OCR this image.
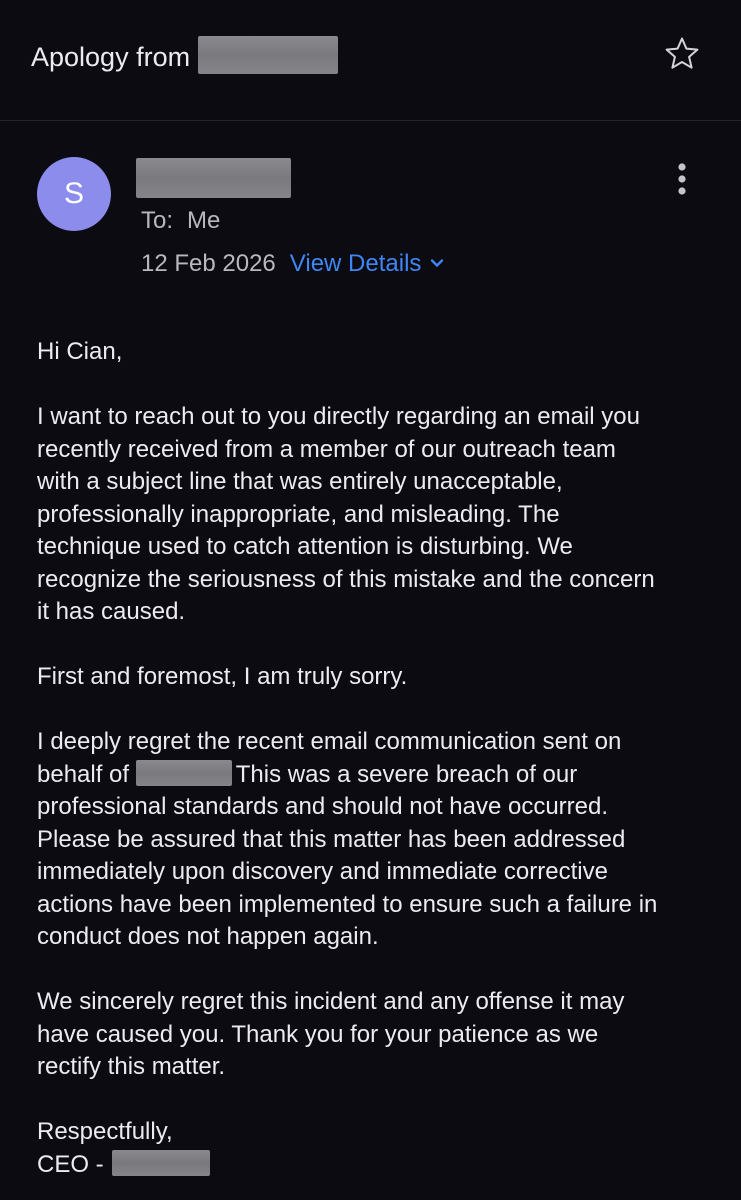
Apology from
S
To: Me
12 Feb 2026 View Details

Hi Cian,

I want to reach out to you directly regarding an email you
recently received from a member of our outreach team
with a subject line that was entirely unacceptable,
professionally inappropriate, and misleading. The
technique used to catch attention is disturbing. We
recognize the seriousness of this mistake and the concern
it has caused.

First and foremost, I am truly sorry.

I deeply regret the recent email communication sent on
behalf of	This was a severe breach of our
professional standards and should not have occurred.
Please be assured that this matter has been addressed
immediately upon discovery and immediate corrective
actions have been implemented to ensure such a failure in
conduct does not happen again.

We sincerely regret this incident and any offense it may
have caused you. Thank you for your patience as we
rectify this matter.

Respectfully,
CEO -
